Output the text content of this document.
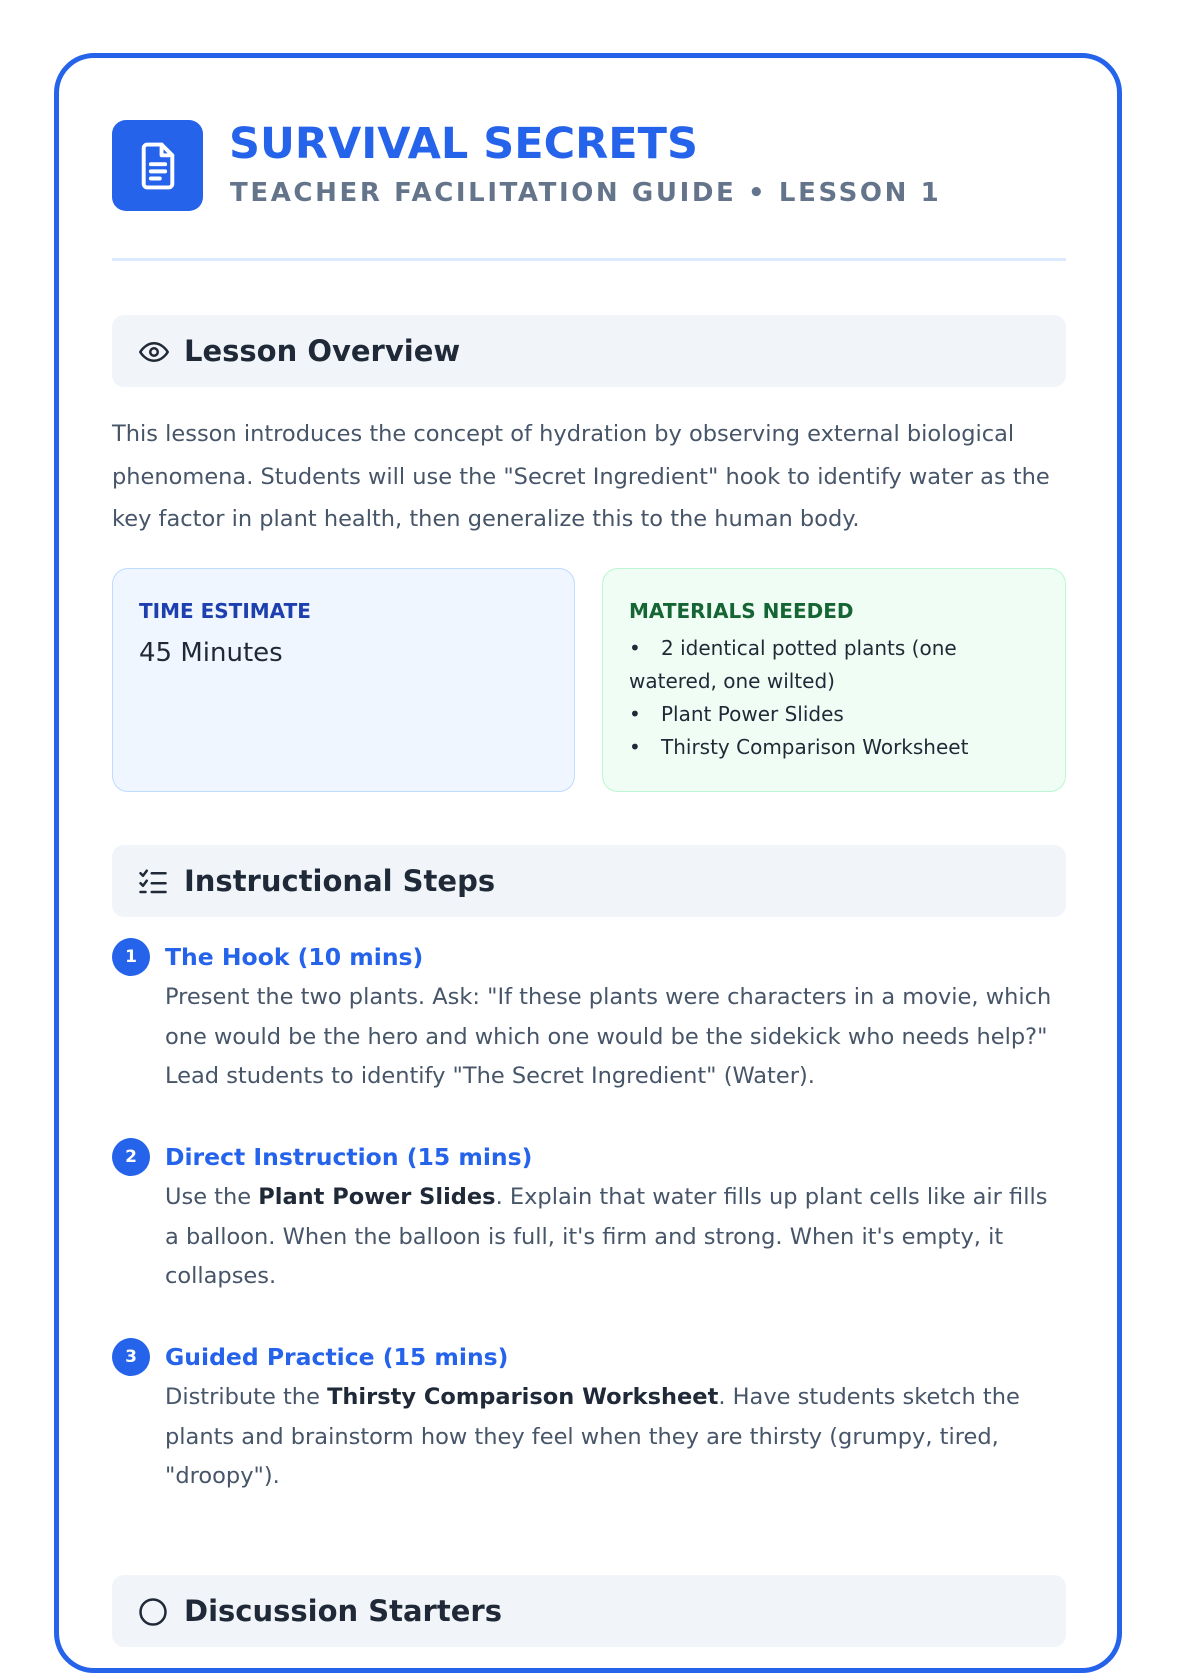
SURVIVAL SECRETS
TEACHER FACILITATION GUIDE • LESSON 1
Lesson Overview
This lesson introduces the concept of hydration by observing external biological phenomena. Students will use the "Secret Ingredient" hook to identify water as the key factor in plant health, then generalize this to the human body.
TIME ESTIMATE
45 Minutes
MATERIALS NEEDED
• 2 identical potted plants (one watered, one wilted)
• Plant Power Slides
• Thirsty Comparison Worksheet
Instructional Steps
1	The Hook (10 mins)
Present the two plants. Ask: "If these plants were characters in a movie, which one would be the hero and which one would be the sidekick who needs help?" Lead students to identify "The Secret Ingredient" (Water).
2	Direct Instruction (15 mins)
Use the Plant Power Slides. Explain that water fills up plant cells like air fills a balloon. When the balloon is full, it's firm and strong. When it's empty, it collapses.
3	Guided Practice (15 mins)
Distribute the Thirsty Comparison Worksheet. Have students sketch the plants and brainstorm how they feel when they are thirsty (grumpy, tired, "droopy").
Discussion Starters
